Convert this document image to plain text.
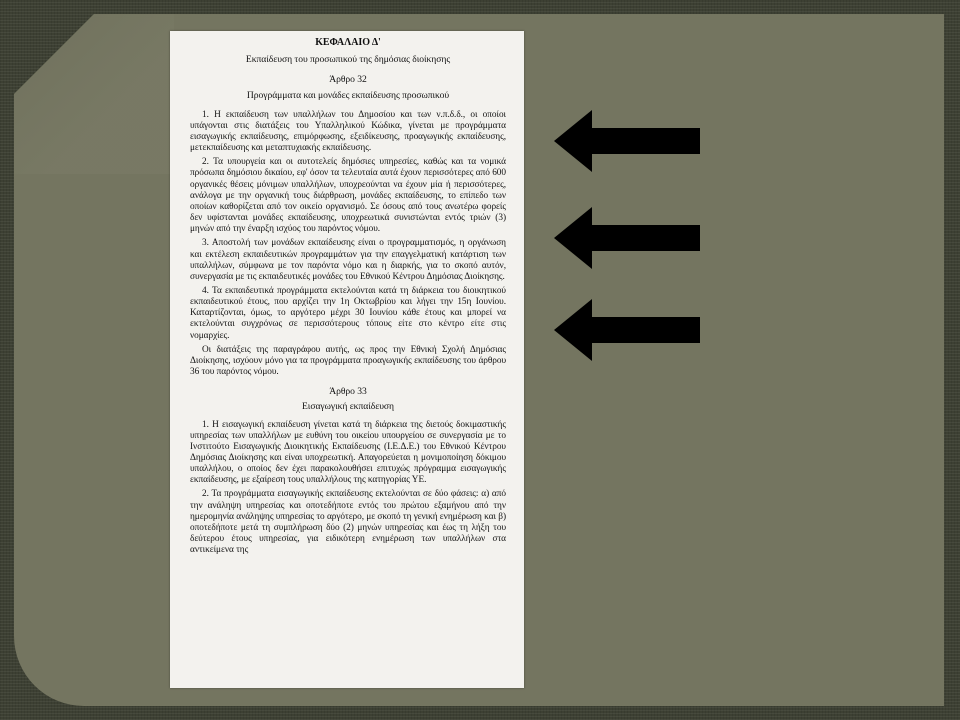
ΚΕΦΑΛΑΙΟ Δ'
Εκπαίδευση του προσωπικού της δημόσιας διοίκησης
Άρθρο 32
Προγράμματα και μονάδες εκπαίδευσης προσωπικού

1. Η εκπαίδευση των υπαλλήλων του Δημοσίου και των ν.π.δ.δ., οι οποίοι υπάγονται στις διατάξεις του Υπαλληλικού Κώδικα, γίνεται με προγράμματα εισαγωγικής εκπαίδευσης, επιμόρφωσης, εξειδίκευσης, προαγωγικής εκπαίδευσης, μετεκπαίδευσης και μεταπτυχιακής εκπαίδευσης.

2. Τα υπουργεία και οι αυτοτελείς δημόσιες υπηρεσίες, καθώς και τα νομικά πρόσωπα δημόσιου δικαίου, εφ' όσον τα τελευταία αυτά έχουν περισσότερες από 600 οργανικές θέσεις μόνιμων υπαλλήλων, υποχρεούνται να έχουν μία ή περισσότερες, ανάλογα με την οργανική τους διάρθρωση, μονάδες εκπαίδευσης, το επίπεδο των οποίων καθορίζεται από τον οικείο οργανισμό. Σε όσους από τους ανωτέρω φορείς δεν υφίστανται μονάδες εκπαίδευσης, υποχρεωτικά συνιστώνται εντός τριών (3) μηνών από την έναρξη ισχύος του παρόντος νόμου.

3. Αποστολή των μονάδων εκπαίδευσης είναι ο προγραμματισμός, η οργάνωση και εκτέλεση εκπαιδευτικών προγραμμάτων για την επαγγελματική κατάρτιση των υπαλλήλων, σύμφωνα με τον παρόντα νόμο και η διαρκής, για το σκοπό αυτόν, συνεργασία με τις εκπαιδευτικές μονάδες του Εθνικού Κέντρου Δημόσιας Διοίκησης.

4. Τα εκπαιδευτικά προγράμματα εκτελούνται κατά τη διάρκεια του διοικητικού εκπαιδευτικού έτους, που αρχίζει την 1η Οκτωβρίου και λήγει την 15η Ιουνίου. Καταρτίζονται, όμως, το αργότερο μέχρι 30 Ιουνίου κάθε έτους και μπορεί να εκτελούνται συγχρόνως σε περισσότερους τόπους είτε στο κέντρο είτε στις νομαρχίες.

Οι διατάξεις της παραγράφου αυτής, ως προς την Εθνική Σχολή Δημόσιας Διοίκησης, ισχύουν μόνο για τα προγράμματα προαγωγικής εκπαίδευσης του άρθρου 36 του παρόντος νόμου.

Άρθρο 33
Εισαγωγική εκπαίδευση

1. Η εισαγωγική εκπαίδευση γίνεται κατά τη διάρκεια της διετούς δοκιμαστικής υπηρεσίας των υπαλλήλων με ευθύνη του οικείου υπουργείου σε συνεργασία με το Ινστιτούτο Εισαγωγικής Διοικητικής Εκπαίδευσης (Ι.Ε.Δ.Ε.) του Εθνικού Κέντρου Δημόσιας Διοίκησης και είναι υποχρεωτική. Απαγορεύεται η μονιμοποίηση δόκιμου υπαλλήλου, ο οποίος δεν έχει παρακολουθήσει επιτυχώς πρόγραμμα εισαγωγικής εκπαίδευσης, με εξαίρεση τους υπαλλήλους της κατηγορίας ΥΕ.

2. Τα προγράμματα εισαγωγικής εκπαίδευσης εκτελούνται σε δύο φάσεις: α) από την ανάληψη υπηρεσίας και οποτεδήποτε εντός του πρώτου εξαμήνου από την ημερομηνία ανάληψης υπηρεσίας το αργότερο, με σκοπό τη γενική ενημέρωση και β) οποτεδήποτε μετά τη συμπλήρωση δύο (2) μηνών υπηρεσίας και έως τη λήξη του δεύτερου έτους υπηρεσίας, για ειδικότερη ενημέρωση των υπαλλήλων στα αντικείμενα της
